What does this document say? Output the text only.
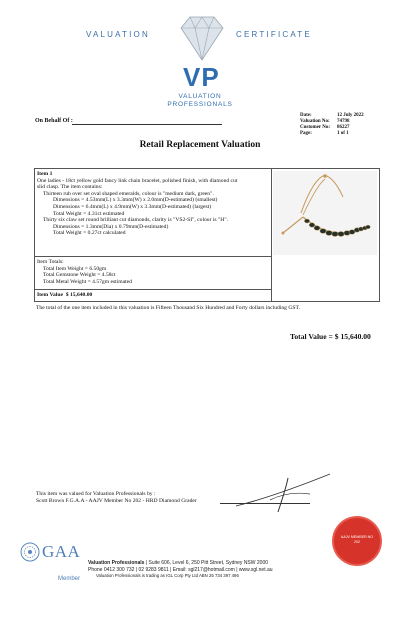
VALUATION	CERTIFICATE
VP
VALUATION
PROFESSIONALS
On Behalf Of :
Date:	12 July 2022
Valuation No:	74798
Customer No:	86227
Page:	1 of 1
Retail Replacement Valuation
Item 1
One ladies - 18ct yellow gold fancy link chain bracelet, polished finish, with diamond cut
slid clasp. The item contains:
Thirteen rub over set oval shaped emeralds, colour is "medium dark, green".
Dimensions = 4.53mm(L) x 3.3mm(W) x 2.0mm(D-estimated) (smallest)
Dimensions = 6.4mm(L) x 4.9mm(W) x 3.3mm(D-estimated) (largest)
Total Weight = 4.31ct estimated
Thirty six claw set round brilliant cut diamonds, clarity is "VS2-SI", colour is "H".
Dimensions = 1.3mm(Dia) x 0.79mm(D-estimated)
Total Weight = 0.27ct calculated
Item Totals:
Total Item Weight = 6.50gm
Total Gemstone Weight = 4.58ct
Total Metal Weight = 4.57gm estimated
Item Value $ 15,640.00
The total of the one item included in this valuation is Fifteen Thousand Six Hundred and Forty dollars including GST.
Total Value = $ 15,640.00
This item was valued for Valuation Professionals by :
Scott Brown F.G.A.A - AAJV Member No 202 - HRD Diamond Grader
GAA
Member
Valuation Professionals | Suite 606, Level 6, 250 Pitt Street, Sydney NSW 2000
Phone 0412 300 732 | 02 9283 9811 | Email: sgl217@hotmail.com | www.sgl.net.au
Valuation Professionals is trading as IGL Corp Pty Ltd ABN 25 734 397 496
AAJV MEMBER NO
202
